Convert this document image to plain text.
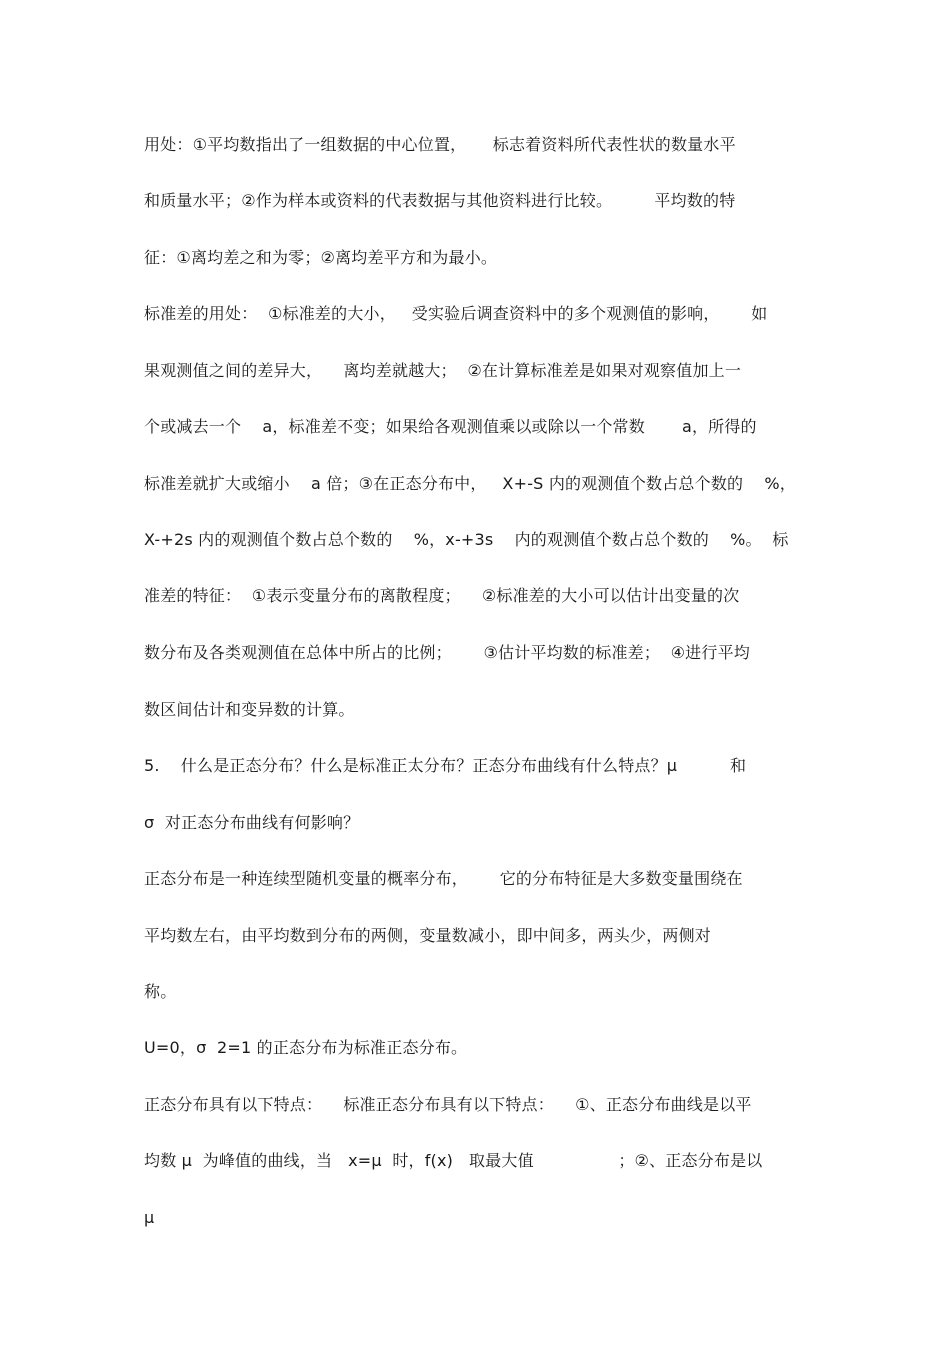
用处：①平均数指出了一组数据的中心位置，     标志着资料所代表性状的数量水平
和质量水平；②作为样本或资料的代表数据与其他资料进行比较。        平均数的特
征：①离均差之和为零；②离均差平方和为最小。
标准差的用处：  ①标准差的大小，   受实验后调查资料中的多个观测值的影响，      如
果观测值之间的差异大，    离均差就越大；  ②在计算标准差是如果对观察值加上一
个或减去一个    a，标准差不变；如果给各观测值乘以或除以一个常数       a，所得的
标准差就扩大或缩小    a 倍；③在正态分布中，   X+-S 内的观测值个数占总个数的    %，
X-+2s 内的观测值个数占总个数的    %，x-+3s    内的观测值个数占总个数的    %。  标
准差的特征：  ①表示变量分布的离散程度；    ②标准差的大小可以估计出变量的次
数分布及各类观测值在总体中所占的比例；      ③估计平均数的标准差；  ④进行平均
数区间估计和变异数的计算。
5.    什么是正态分布？什么是标准正太分布？正态分布曲线有什么特点？μ          和
σ  对正态分布曲线有何影响？
正态分布是一种连续型随机变量的概率分布，      它的分布特征是大多数变量围绕在
平均数左右，由平均数到分布的两侧，变量数减小，即中间多，两头少，两侧对
称。
U=0，σ  2=1 的正态分布为标准正态分布。
正态分布具有以下特点：    标准正态分布具有以下特点：    ①、正态分布曲线是以平
均数 μ  为峰值的曲线，当   x=μ  时，f(x)   取最大值                ；②、正态分布是以
μ
